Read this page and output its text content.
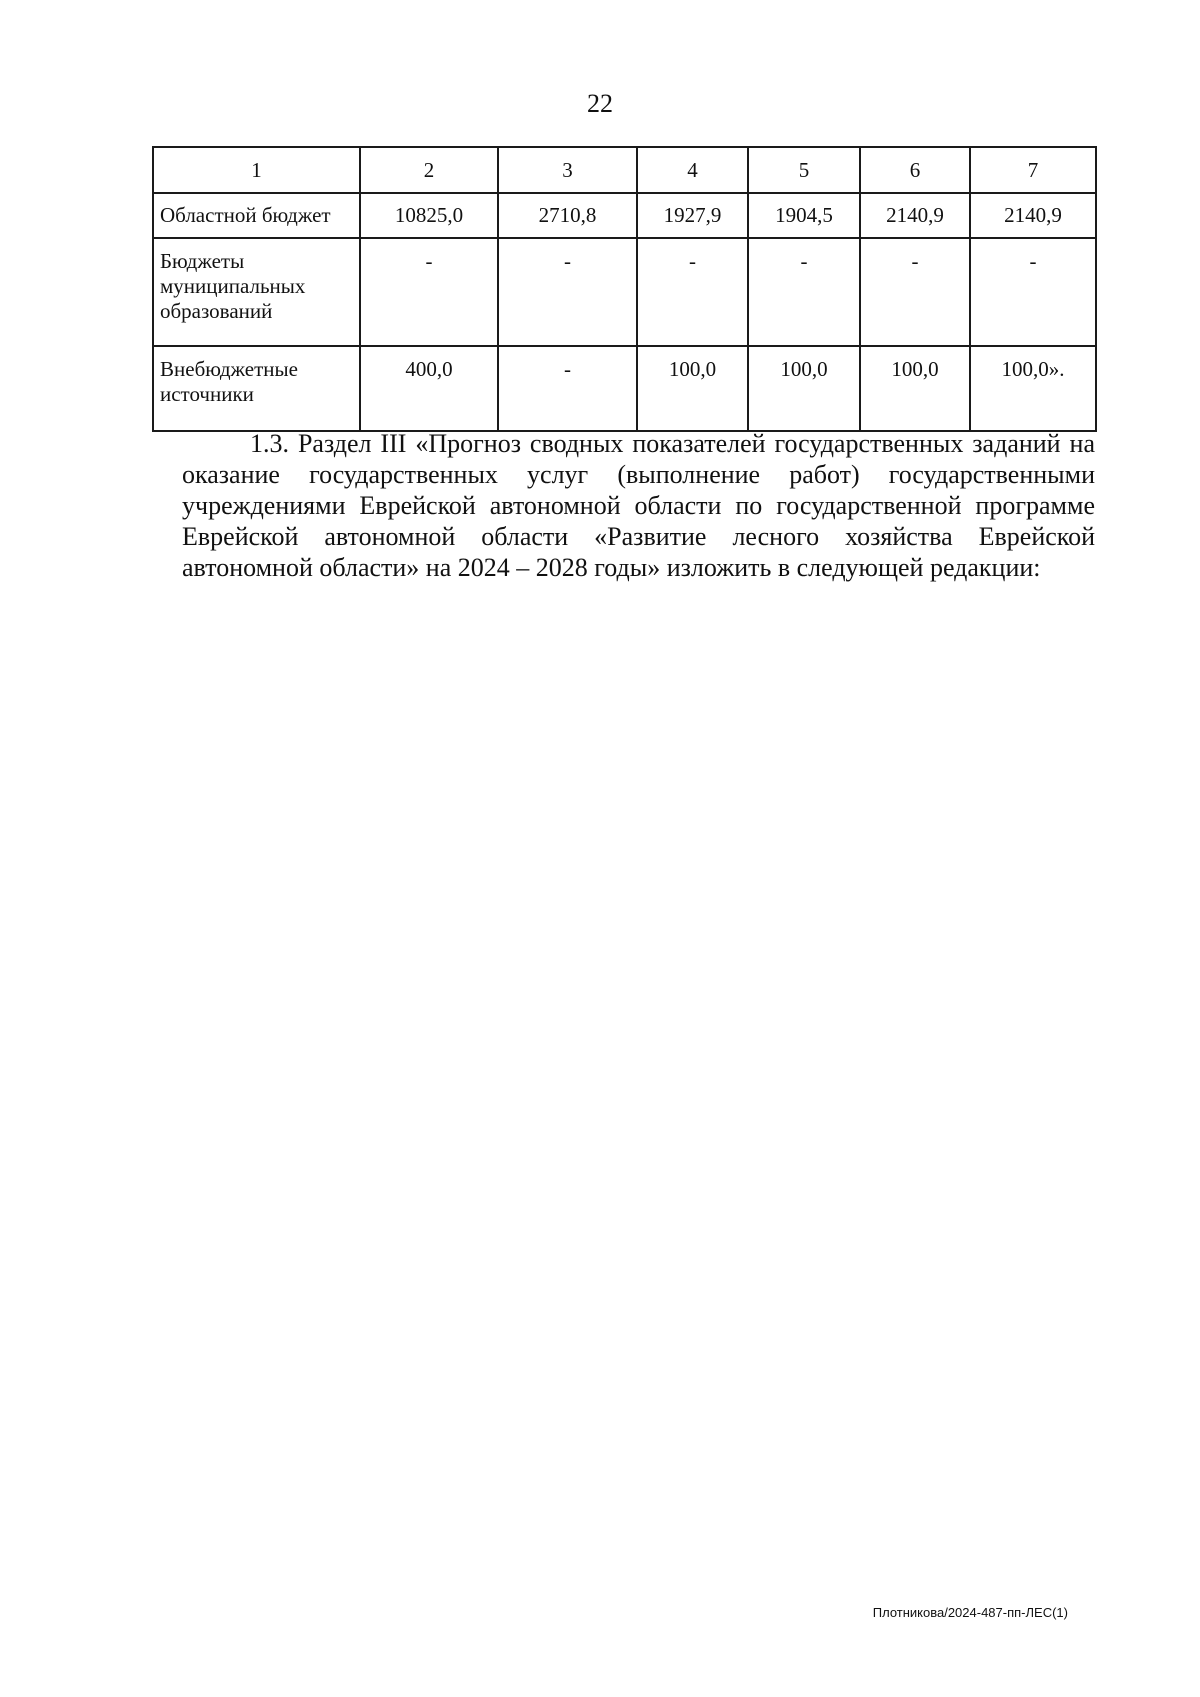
22
1	2	3	4	5	6	7
Областной бюджет	10825,0	2710,8	1927,9	1904,5	2140,9	2140,9
Бюджеты муниципальных образований	-	-	-	-	-	-
Внебюджетные источники	400,0	-	100,0	100,0	100,0	100,0».

1.3. Раздел III «Прогноз сводных показателей государственных заданий на оказание государственных услуг (выполнение работ) государственными учреждениями Еврейской автономной области по государственной программе Еврейской автономной области «Развитие лесного хозяйства Еврейской автономной области» на 2024 – 2028 годы» изложить в следующей редакции:

Плотникова/2024-487-пп-ЛЕС(1)
